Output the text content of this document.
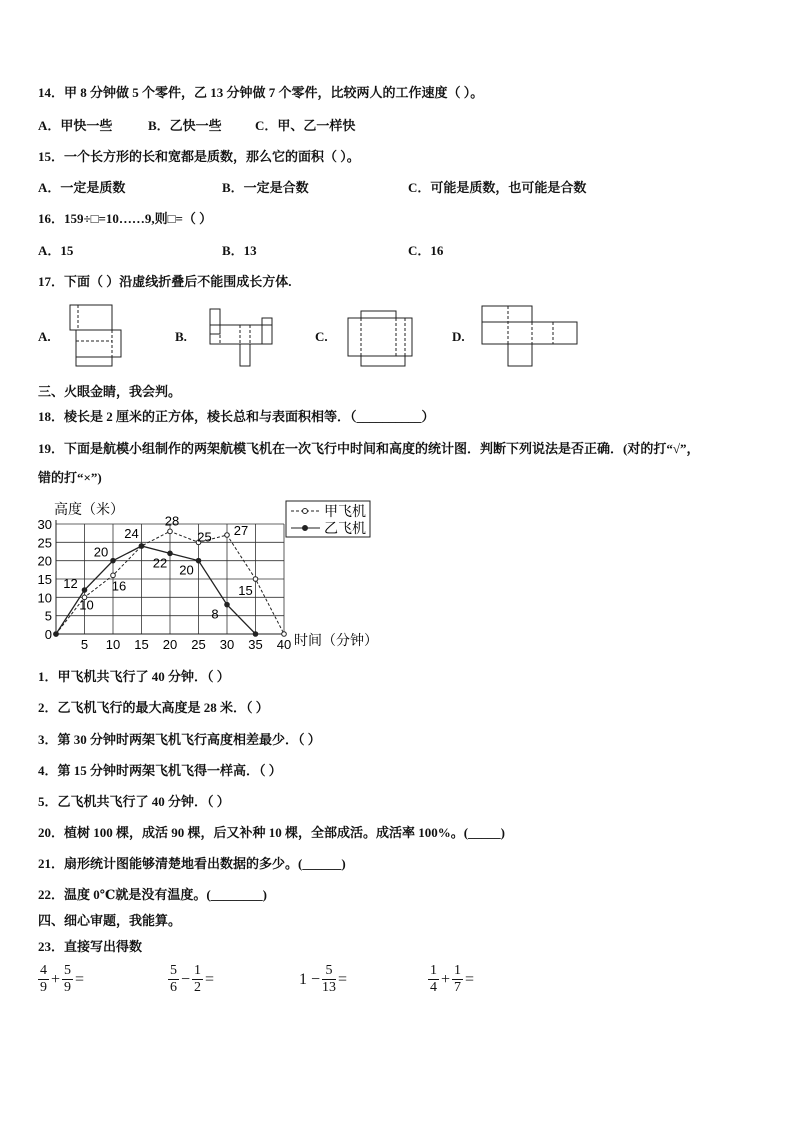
14．甲 8 分钟做 5 个零件，乙 13 分钟做 7 个零件，比较两人的工作速度（ ）。
A．甲快一些	B．乙快一些	C．甲、乙一样快
15．一个长方形的长和宽都是质数，那么它的面积（ ）。
A．一定是质数	B．一定是合数	C．可能是质数，也可能是合数
16．159÷□=10……9,则□=（ ）
A．15	B．13	C．16
17．下面（ ）沿虚线折叠后不能围成长方体.
A.	B.	C.	D.
三、火眼金睛，我会判。
18．棱长是 2 厘米的正方体，棱长总和与表面积相等．（__________）
19．下面是航模小组制作的两架航模飞机在一次飞行中时间和高度的统计图．判断下列说法是否正确．(对的打“√”，
错的打“×”)
高度（米）
时间（分钟）
0
5
10
15
20
25
30
5 10 15 20 25 30 35 40
10
16
28
25 27
15
12
20
24
22 20
8
甲飞机
乙飞机
1．甲飞机共飞行了 40 分钟．（ ）
2．乙飞机飞行的最大高度是 28 米．（ ）
3．第 30 分钟时两架飞机飞行高度相差最少．（ ）
4．第 15 分钟时两架飞机飞得一样高．（ ）
5．乙飞机共飞行了 40 分钟．（ ）
20．植树 100 棵，成活 90 棵，后又补种 10 棵，全部成活。成活率 100%。(_____)
21．扇形统计图能够清楚地看出数据的多少。(______)
22．温度 0℃就是没有温度。(________)
四、细心审题，我能算。
23．直接写出得数
$\frac{4}{9} + \frac{5}{9}$ =	$\frac{5}{6} - \frac{1}{2}$ =	$1 - \frac{5}{13}$ =	$\frac{1}{4} + \frac{1}{7}$ =
